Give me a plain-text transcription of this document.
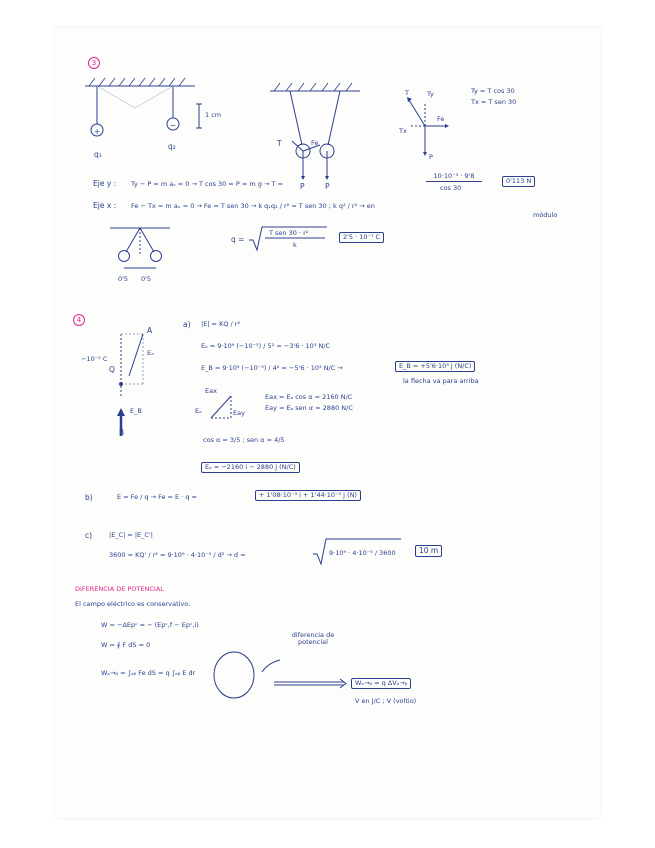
3
+
−
q₁
q₂
1 cm
T	Fe
P	P
T	Ty
Tx
Fe
P
Ty = T cos 30
Tx = T sen 30
Eje y : Ty − P = m aᵧ = 0 → T cos 30 = P = m g → T =
10·10⁻³ · 9'8
cos 30
0'113 N
Eje x : Fe − Tx = m aₓ = 0 → Fe = T sen 30 → k q₁q₂ / r² = T sen 30 ; k q² / r² → en
módulo
0'5 0'5
q =
T sen 30 · r²
k
2'5 · 10⁻⁷ C
4
A
Eₐ
−10⁻⁵ C
Q
E_B
B
a) |E| = KQ / r²
Eₐ = 9·10⁹ (−10⁻⁵) / 5² = −3'6 · 10³ N/C
E_B = 9·10⁹ (−10⁻⁵) / 4² = −5'6 · 10³ N/C →	E_B = +5'6·10³ j (N/C)
la flecha va para arriba
Eax
Eay
Eₐ
Eax = Eₐ cos α = 2160 N/C
Eay = Eₐ sen α = 2880 N/C
cos α = 3/5 ; sen α = 4/5
Eₐ = −2160 i − 2880 j (N/C)
b)	E = Fe / q → Fe = E · q =	+ 1'08·10⁻³ i + 1'44·10⁻³ j (N)
c)	|E_C| = |E_C'|
3600 = KQ' / r² = 9·10⁹ · 4·10⁻⁵ / d² → d =	9·10⁹ · 4·10⁻⁵ / 3600	10 m
DIFERENCIA DE POTENCIAL
El campo eléctrico es conservativo.
W = −ΔEpᶜ = − (Epᶜ,f − Epᶜ,i)
W = ∮ F dS = 0
Wₐ→ᵦ = ∫ₐᵦ Fe dS = q ∫ₐᵦ E dr
diferencia de potencial
Wₐ→ᵦ = q ΔVₐ→ᵦ
V en J/C ; V (voltio)
